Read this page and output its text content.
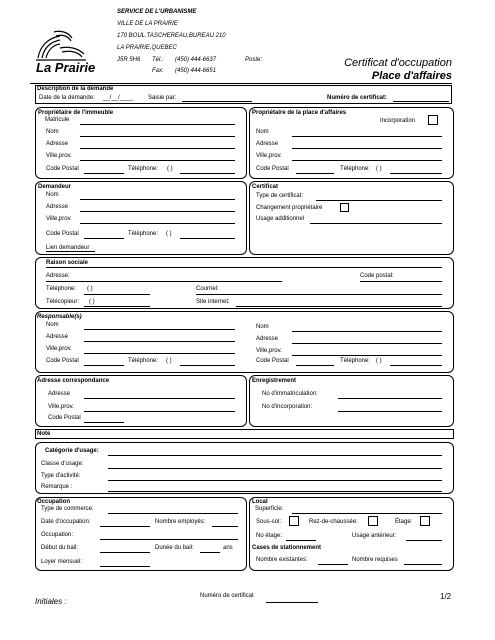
La Prairie
SERVICE DE L'URBANISME
VILLE DE LA PRAIRIE
170 BOUL.TASCHEREAU,BUREAU 210
LA PRAIRIE,QUEBEC
J5R 5H6 Tél.: (450) 444-6637	Poste:
Fax: (450) 444-6651
Certificat d'occupation
Place d'affaires
Description de la demande
Date de la demande: __/__/____ Saisie par:	Numéro de certificat:
Propriétaire de l'immeuble
Matricule
Nom
Adresse
Ville,prov.
Code Postal	Téléphone: ( )
Propriétaire de la place d'affaires
Incorporation
Nom
Adresse
Ville,prov.
Code Postal	Téléphone: ( )
Demandeur
Nom
Adresse
Ville,prov.
Code Postal	Téléphone: ( )
Lien demandeur
Certificat
Type de certificat:
Changement propriétaire
Usage additionnel
Raison sociale
Adresse:	Code postal:
Téléphone: ( )	Courriel:
Télécopieur: ( )	Site internet:
Responsable(s)
Nom
Adresse
Ville,prov.
Code Postal	Téléphone: ( )
Nom
Adresse
Ville,prov.
Code Postal	Téléphone: ( )
Adresse correspondance
Adresse
Ville,prov.
Code Postal
Enregistrement
No d'immatriculation:
No d'incorporation:
Note
Catégorie d'usage:
Classe d'usage:
Type d'activité:
Remarque :
Occupation
Type de commerce:
Date d'occupation:	Nombre employés:
Occupation:
Début du bail:	Dunée du bail:	ans
Loyer mensuel:
Local
Superficie:
Sous-sol:	Rez-de-chaussée:	Étage:
No étage:	Usage antérieur:
Cases de stationnement
Nombre existantes:	Nombre requises
Initiales :
Numéro de certificat	1/2
